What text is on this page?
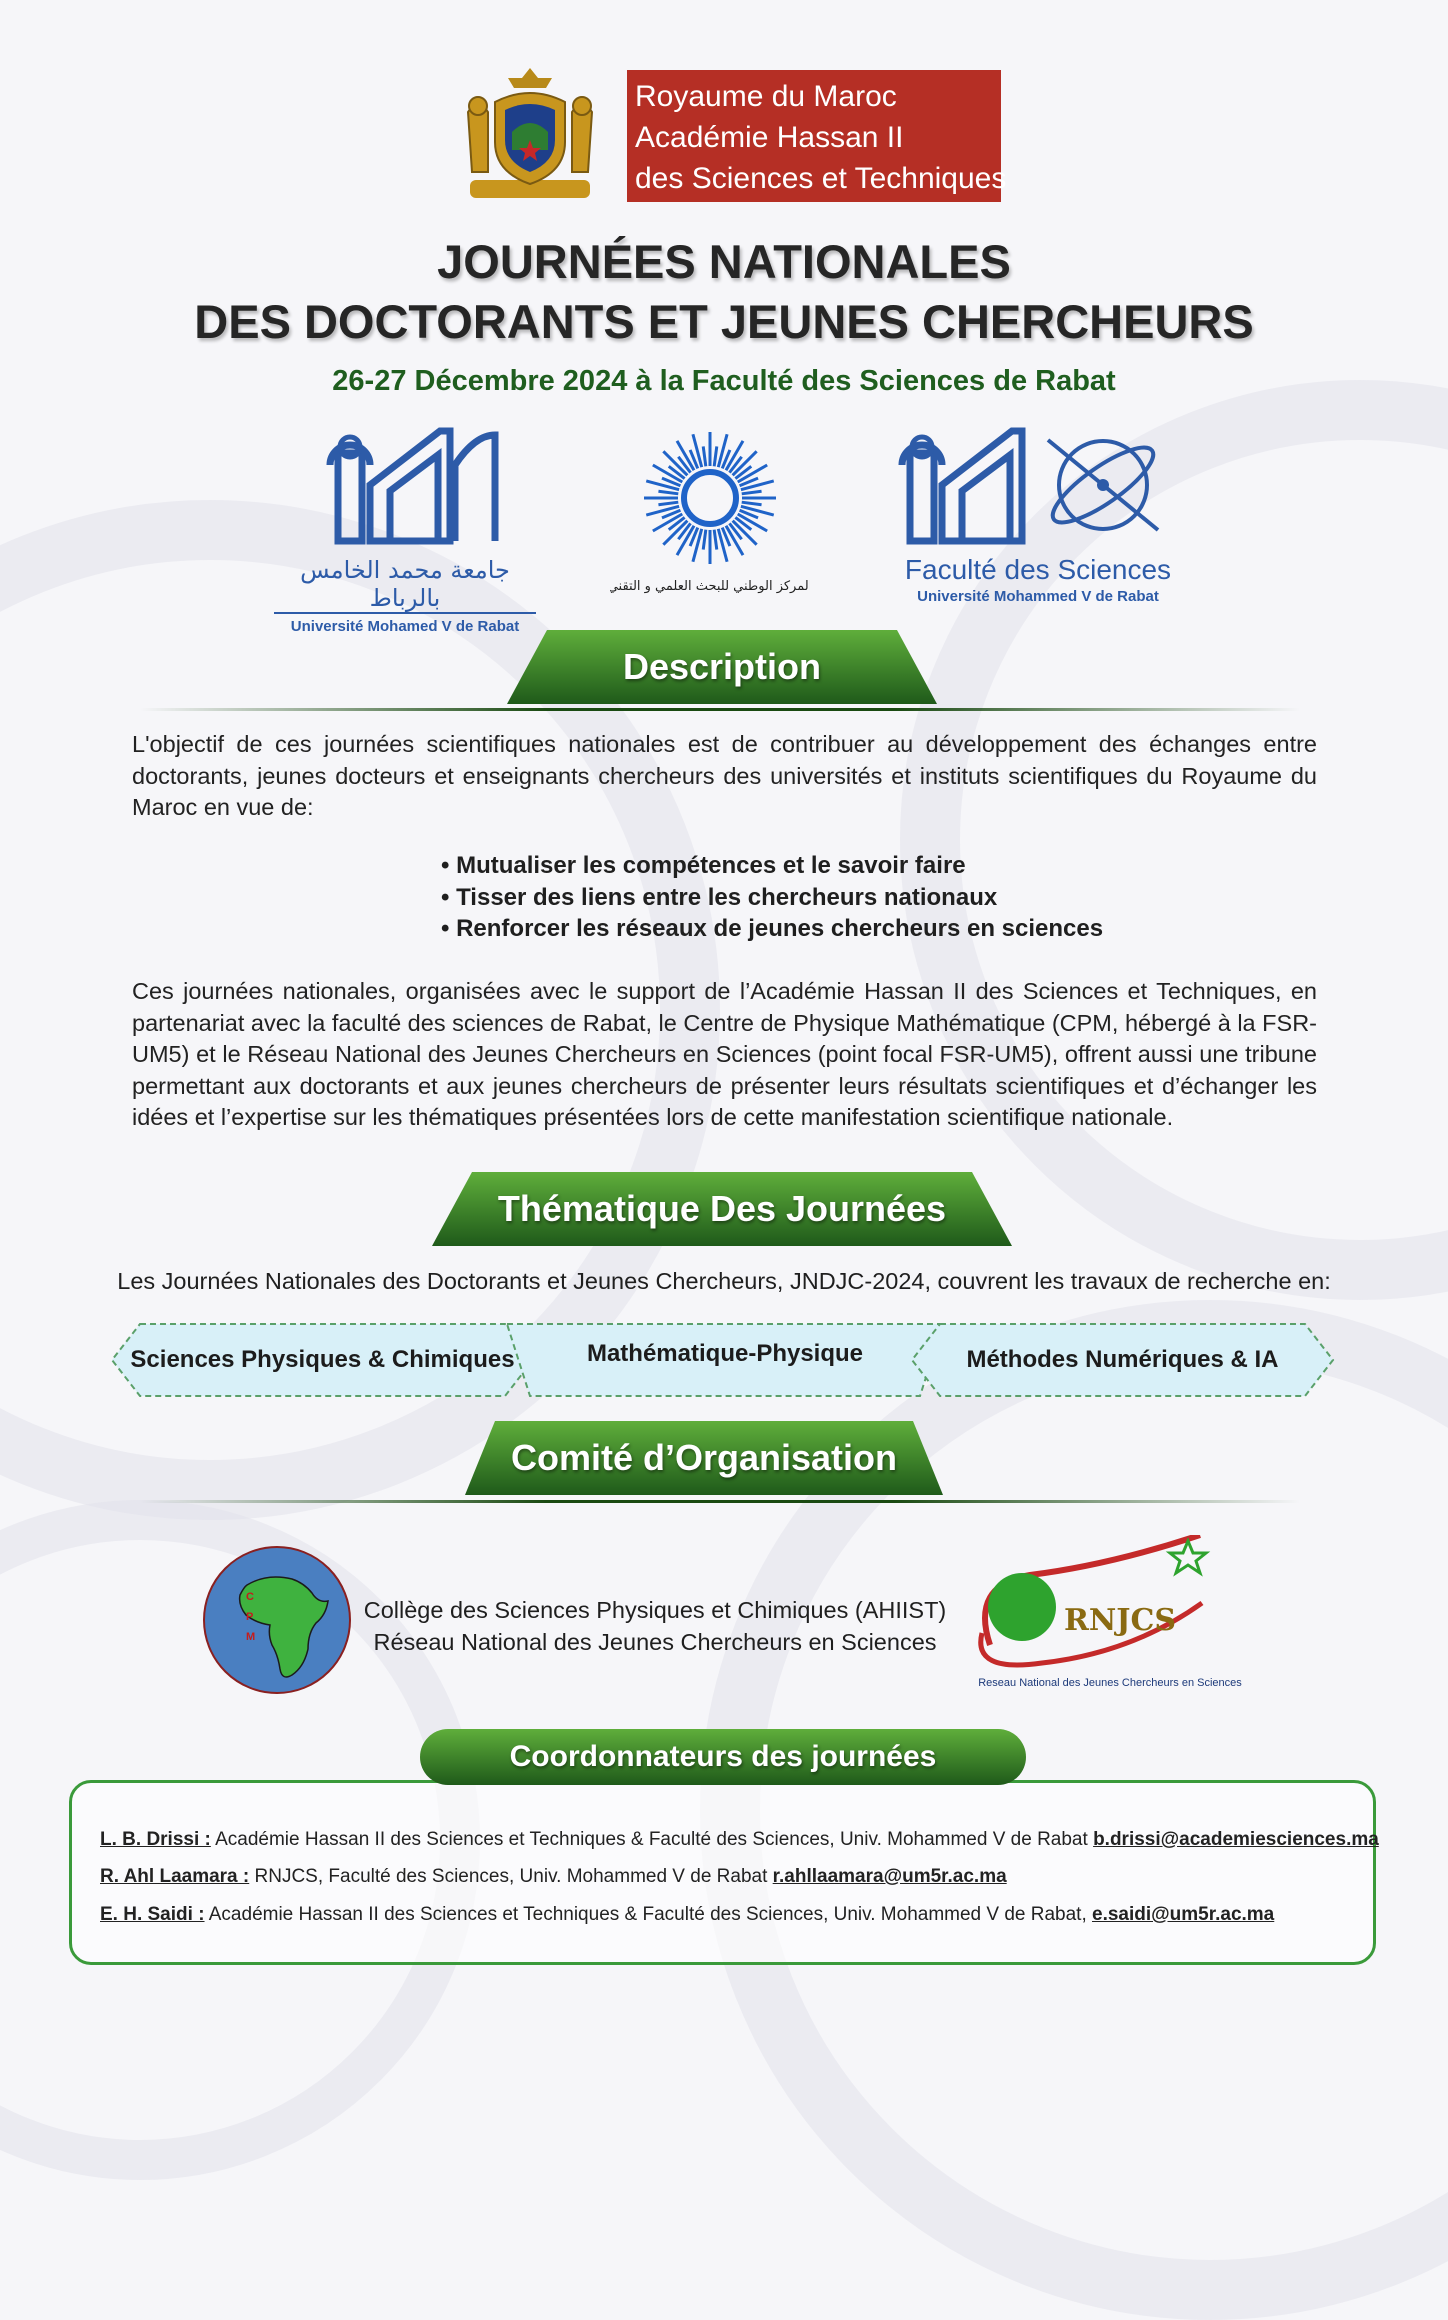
Royaume du Maroc
Académie Hassan II
des Sciences et Techniques
JOURNÉES NATIONALES
DES DOCTORANTS ET JEUNES CHERCHEURS
26-27 Décembre 2024 à la Faculté des Sciences de Rabat
جامعة محمد الخامس بالرباط
Université Mohamed V de Rabat
المركز الوطني للبحث العلمي و التقني
Faculté des Sciences
Université Mohammed V de Rabat
Description
L'objectif de ces journées scientifiques nationales est de contribuer au développement des échanges entre doctorants, jeunes docteurs et enseignants chercheurs des universités et instituts scientifiques du Royaume du Maroc en vue de:
• Mutualiser les compétences et le savoir faire
• Tisser des liens entre les chercheurs nationaux
• Renforcer les réseaux de jeunes chercheurs en sciences
Ces journées nationales, organisées avec le support de l’Académie Hassan II des Sciences et Techniques, en partenariat avec la faculté des sciences de Rabat, le Centre de Physique Mathématique (CPM, hébergé à la FSR-UM5) et le Réseau National des Jeunes Chercheurs en Sciences (point focal FSR-UM5), offrent aussi une tribune permettant aux doctorants et aux jeunes chercheurs de présenter leurs résultats scientifiques et d’échanger les idées et l’expertise sur les thématiques présentées lors de cette manifestation scientifique nationale.
Thématique Des Journées
Les Journées Nationales des Doctorants et Jeunes Chercheurs, JNDJC-2024, couvrent les travaux de recherche en:
Sciences Physiques & Chimiques	Mathématique-Physique	Méthodes Numériques & IA
Comité d’Organisation
C
P
M
Collège des Sciences Physiques et Chimiques (AHIIST)
Réseau National des Jeunes Chercheurs en Sciences
RNJCS
Reseau National des Jeunes Chercheurs en Sciences
Coordonnateurs des journées
L. B. Drissi : Académie Hassan II des Sciences et Techniques & Faculté des Sciences, Univ. Mohammed V de Rabat b.drissi@academiesciences.ma
R. Ahl Laamara : RNJCS, Faculté des Sciences, Univ. Mohammed V de Rabat r.ahllaamara@um5r.ac.ma
E. H. Saidi : Académie Hassan II des Sciences et Techniques & Faculté des Sciences, Univ. Mohammed V de Rabat, e.saidi@um5r.ac.ma
